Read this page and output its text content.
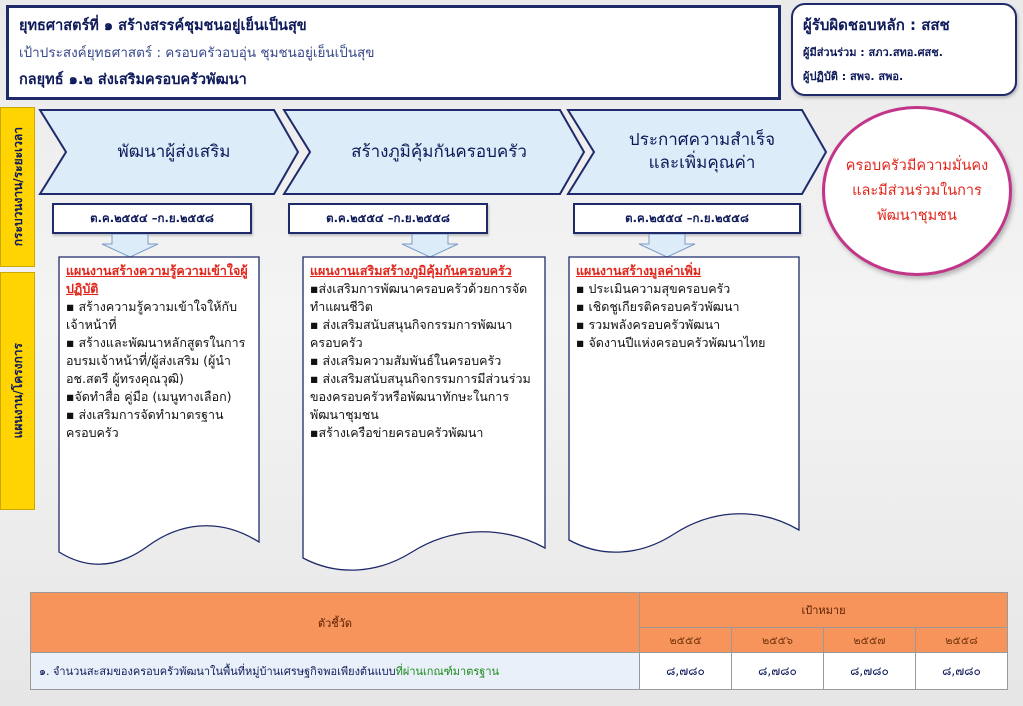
ยุทธศาสตร์ที่ ๑ สร้างสรรค์ชุมชนอยู่เย็นเป็นสุข
เป้าประสงค์ยุทธศาสตร์ : ครอบครัวอบอุ่น ชุมชนอยู่เย็นเป็นสุข
กลยุทธ์ ๑.๒ ส่งเสริมครอบครัวพัฒนา
ผู้รับผิดชอบหลัก : สสช
ผู้มีส่วนร่วม : สภว.สทอ.ศสช.
ผู้ปฏิบัติ : สพจ. สพอ.
กระบวนงาน/ระยะเวลา
แผนงาน/โครงการ
พัฒนาผู้ส่งเสริม	สร้างภูมิคุ้มกันครอบครัว
ประกาศความสำเร็จ
และเพิ่มคุณค่า	ครอบครัวมีความมั่นคงและมีส่วนร่วมในการพัฒนาชุมชน
ต.ค.๒๕๕๔ –ก.ย.๒๕๕๘	ต.ค.๒๕๕๔ –ก.ย.๒๕๕๘	ต.ค.๒๕๕๔ –ก.ย.๒๕๕๘
แผนงานสร้างความรู้ความเข้าใจผู้ปฏิบัติ
▪ สร้างความรู้ความเข้าใจให้กับเจ้าหน้าที่
▪ สร้างและพัฒนาหลักสูตรในการอบรมเจ้าหน้าที่/ผู้ส่งเสริม (ผู้นำอช.สตรี ผู้ทรงคุณวุฒิ)
▪จัดทำสื่อ คู่มือ (เมนูทางเลือก)
▪ ส่งเสริมการจัดทำมาตรฐานครอบครัว
แผนงานเสริมสร้างภูมิคุ้มกันครอบครัว
▪ส่งเสริมการพัฒนาครอบครัวด้วยการจัดทำแผนชีวิต
▪ ส่งเสริมสนับสนุนกิจกรรมการพัฒนาครอบครัว
▪ ส่งเสริมความสัมพันธ์ในครอบครัว
▪ ส่งเสริมสนับสนุนกิจกรรมการมีส่วนร่วมของครอบครัวหรือพัฒนาทักษะในการพัฒนาชุมชน
▪สร้างเครือข่ายครอบครัวพัฒนา
แผนงานสร้างมูลค่าเพิ่ม
▪ ประเมินความสุขครอบครัว
▪ เชิดชูเกียรติครอบครัวพัฒนา
▪ รวมพลังครอบครัวพัฒนา
▪ จัดงานปีแห่งครอบครัวพัฒนาไทย
ตัวชี้วัด	เป้าหมาย			
	๒๕๕๕	๒๕๕๖	๒๕๕๗	๒๕๕๘
๑. จำนวนสะสมของครอบครัวพัฒนาในพื้นที่หมู่บ้านเศรษฐกิจพอเพียงต้นแบบที่ผ่านเกณฑ์มาตรฐาน	๘,๗๘๐	๘,๗๘๐	๘,๗๘๐	๘,๗๘๐
